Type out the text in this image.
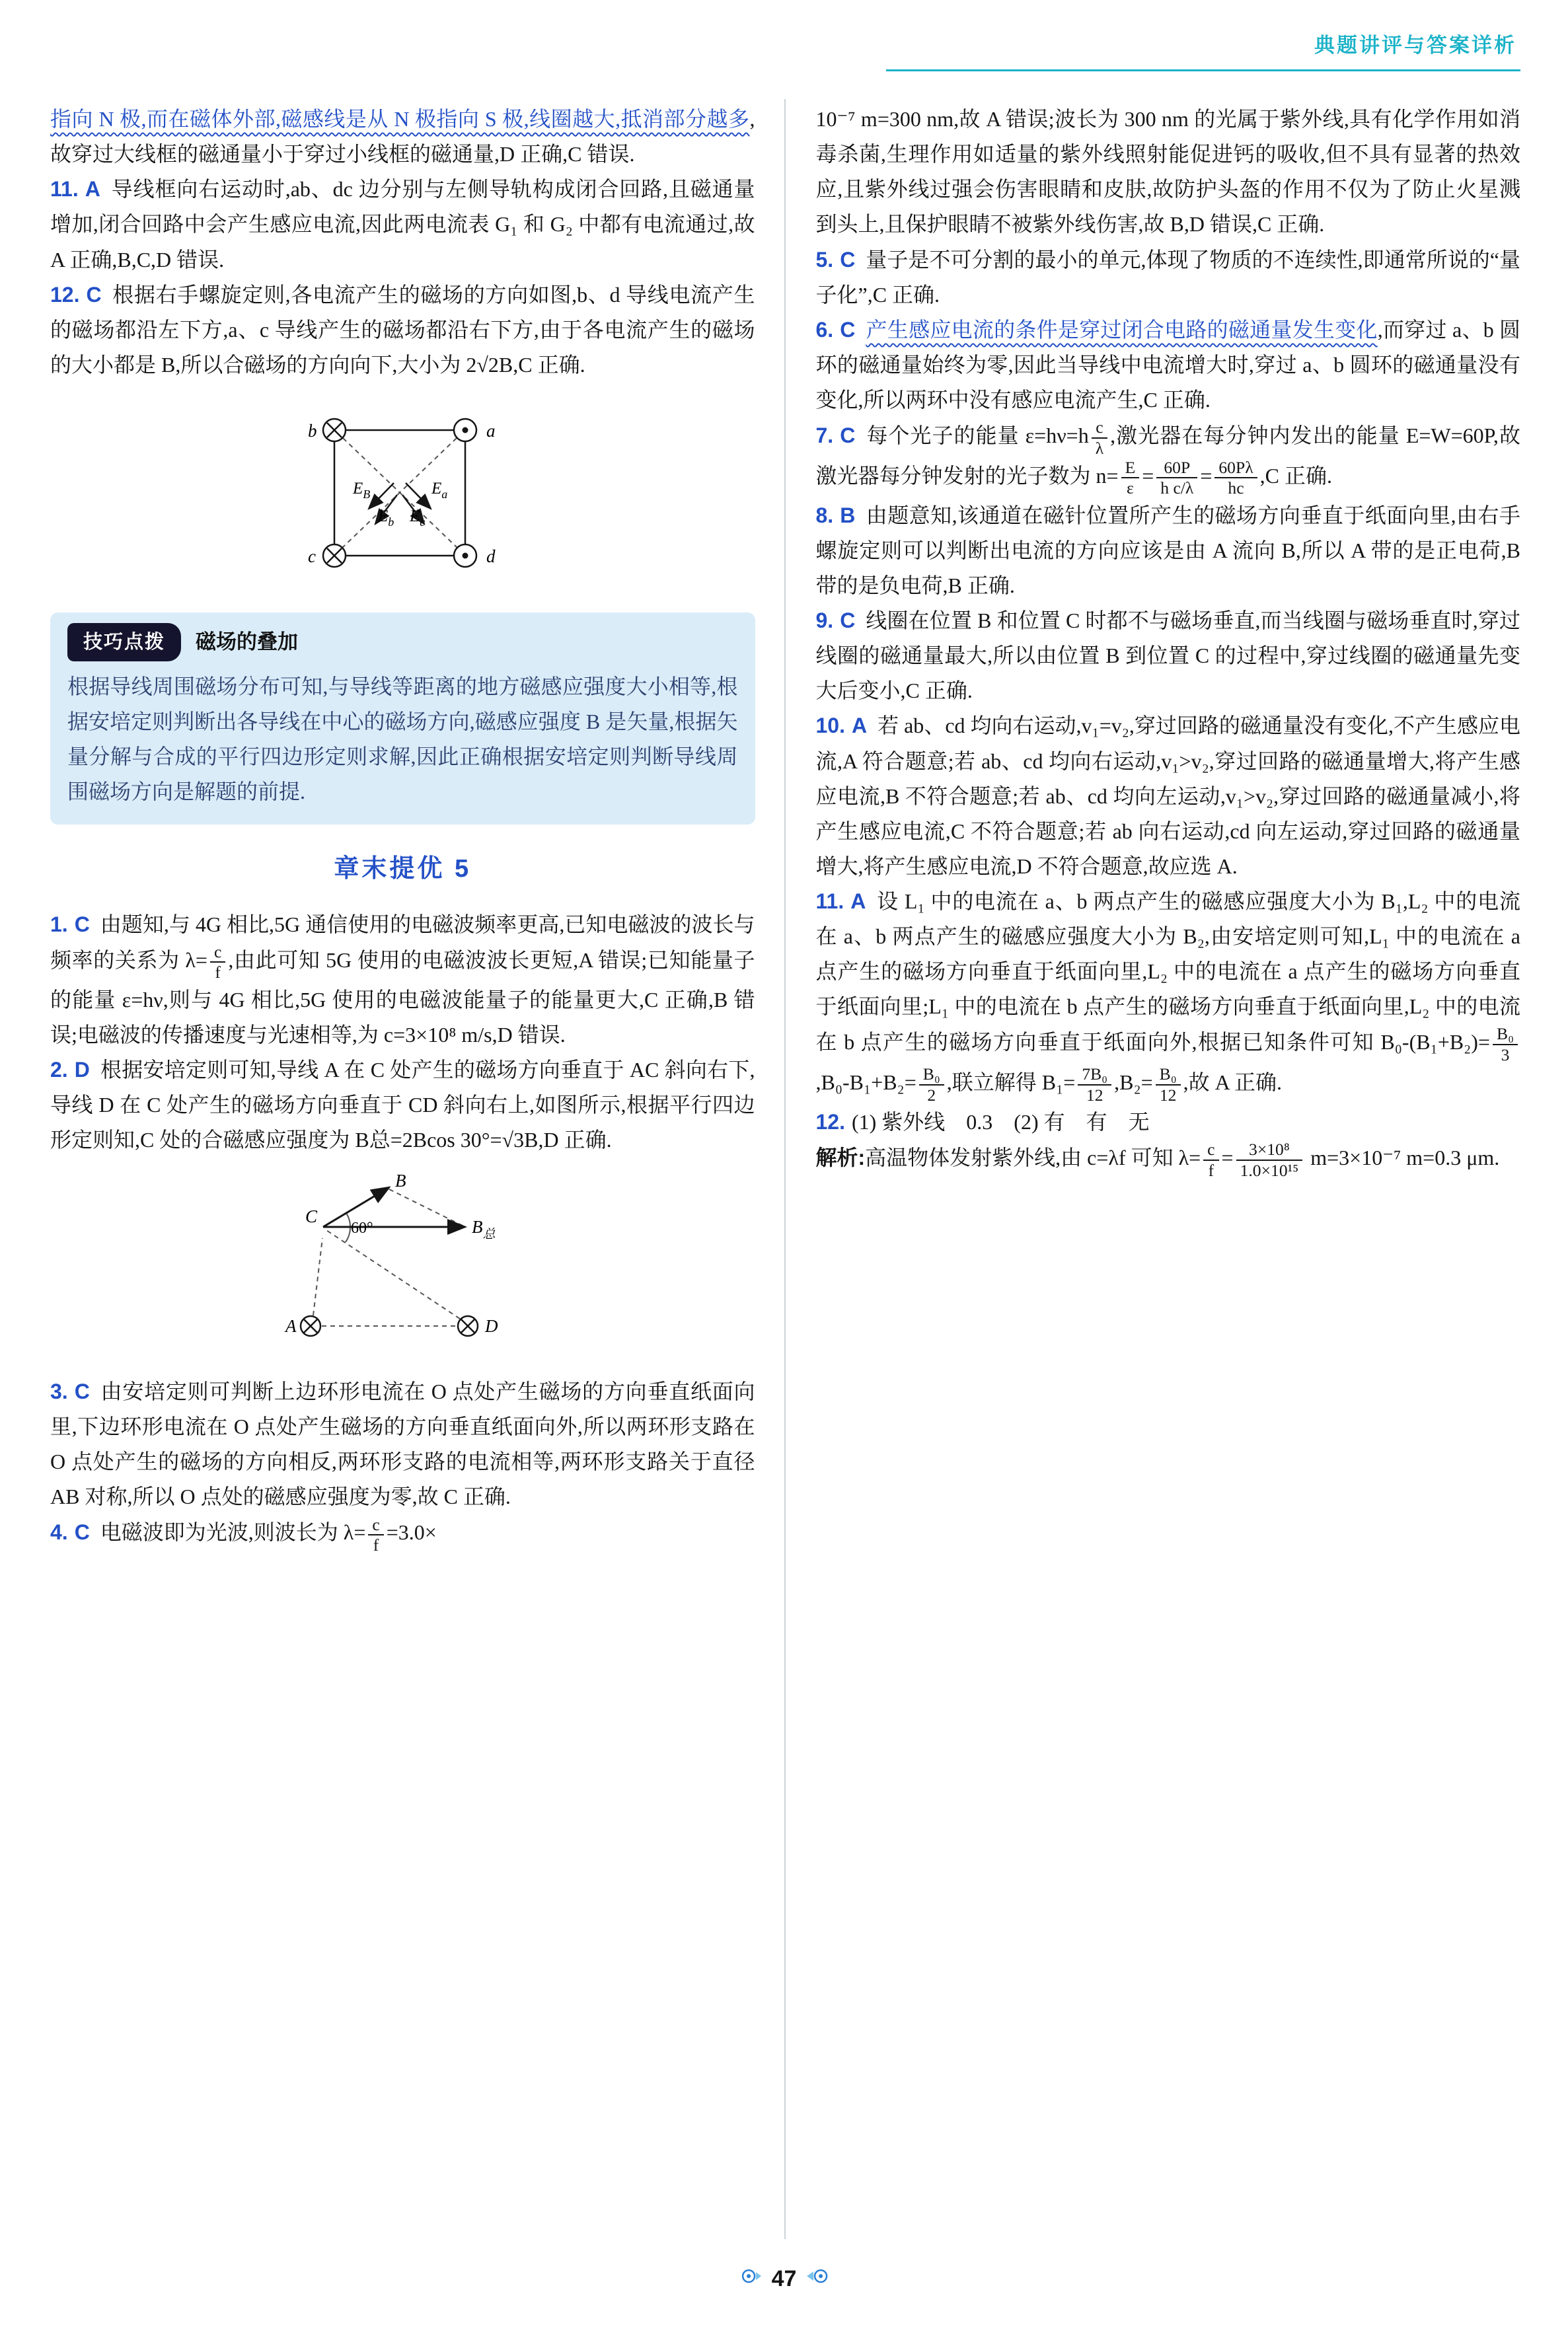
典题讲评与答案详析

指向 N 极,而在磁体外部,磁感线是从 N 极指向 S 极,线圈越大,抵消部分越多,故穿过大线框的磁通量小于穿过小线框的磁通量,D 正确,C 错误.

11. A 导线框向右运动时,ab、dc 边分别与左侧导轨构成闭合回路,且磁通量增加,闭合回路中会产生感应电流,因此两电流表 G₁ 和 G₂ 中都有电流通过,故 A 正确,B,C,D 错误.

12. C 根据右手螺旋定则,各电流产生的磁场的方向如图,b、d 导线电流产生的磁场都沿左下方,a、c 导线产生的磁场都沿右下方,由于各电流产生的磁场的大小都是 B,所以合磁场的方向向下,大小为 2√2B,C 正确.

b	a
c	d
$E_B$	$E_a$
$E_b$ $E_c$
技巧点拨	磁场的叠加

根据导线周围磁场分布可知,与导线等距离的地方磁感应强度大小相等,根据安培定则判断出各导线在中心的磁场方向,磁感应强度 B 是矢量,根据矢量分解与合成的平行四边形定则求解,因此正确根据安培定则判断导线周围磁场方向是解题的前提.

章末提优 5

1. C 由题知,与 4G 相比,5G 通信使用的电磁波频率更高,已知电磁波的波长与频率的关系为 $\lambda= \frac{c}{f}$ ,由此可知 5G 使用的电磁波波长更短,A 错误;已知能量子的能量 ε=hν,则与 4G 相比,5G 使用的电磁波能量子的能量更大,C 正确,B 错误;电磁波的传播速度与光速相等,为 c=3×10⁸ m/s,D 错误.

2. D 根据安培定则可知,导线 A 在 C 处产生的磁场方向垂直于 AC 斜向右下,导线 D 在 C 处产生的磁场方向垂直于 CD 斜向右上,如图所示,根据平行四边形定则知,C 处的合磁感应强度为 B总=2Bcos 30°=√3B,D 正确.

C
B
$B_总$
60°
A	D

3. C 由安培定则可判断上边环形电流在 O 点处产生磁场的方向垂直纸面向里,下边环形电流在 O 点处产生磁场的方向垂直纸面向外,所以两环形支路在 O 点处产生的磁场的方向相反,两环形支路的电流相等,两环形支路关于直径 AB 对称,所以 O 点处的磁感应强度为零,故 C 正确.

4. C 电磁波即为光波,则波长为 $\lambda= \frac{c}{f} =3.0\times$

10⁻⁷ m=300 nm,故 A 错误;波长为 300 nm 的光属于紫外线,具有化学作用如消毒杀菌,生理作用如适量的紫外线照射能促进钙的吸收,但不具有显著的热效应,且紫外线过强会伤害眼睛和皮肤,故防护头盔的作用不仅为了防止火星溅到头上,且保护眼睛不被紫外线伤害,故 B,D 错误,C 正确.

5. C 量子是不可分割的最小的单元,体现了物质的不连续性,即通常所说的“量子化”,C 正确.

6. C 产生感应电流的条件是穿过闭合电路的磁通量发生变化,而穿过 a、b 圆环的磁通量始终为零,因此当导线中电流增大时,穿过 a、b 圆环的磁通量没有变化,所以两环中没有感应电流产生,C 正确.

7. C 每个光子的能量 $\varepsilon=h\nu=h \frac{c}{\lambda}$ ,激光器在每分钟内发出的能量 E=W=60P,故激光器每分钟发射的光子数为 $n= \frac{E}{\varepsilon} = \frac{60P}{\text{h c/λ}} = \frac{60P\lambda}{hc} ,C$ 正确.

8. B 由题意知,该通道在磁针位置所产生的磁场方向垂直于纸面向里,由右手螺旋定则可以判断出电流的方向应该是由 A 流向 B,所以 A 带的是正电荷,B 带的是负电荷,B 正确.

9. C 线圈在位置 B 和位置 C 时都不与磁场垂直,而当线圈与磁场垂直时,穿过线圈的磁通量最大,所以由位置 B 到位置 C 的过程中,穿过线圈的磁通量先变大后变小,C 正确.

10. A 若 ab、cd 均向右运动,v₁=v₂,穿过回路的磁通量没有变化,不产生感应电流,A 符合题意;若 ab、cd 均向右运动,v₁>v₂,穿过回路的磁通量增大,将产生感应电流,B 不符合题意;若 ab、cd 均向左运动,v₁>v₂,穿过回路的磁通量减小,将产生感应电流,C 不符合题意;若 ab 向右运动,cd 向左运动,穿过回路的磁通量增大,将产生感应电流,D 不符合题意,故应选 A.

11. A 设 L₁ 中的电流在 a、b 两点产生的磁感应强度大小为 B₁,L₂ 中的电流在 a、b 两点产生的磁感应强度大小为 B₂,由安培定则可知,L₁ 中的电流在 a 点产生的磁场方向垂直于纸面向里,L₂ 中的电流在 a 点产生的磁场方向垂直于纸面向里;L₁ 中的电流在 b 点产生的磁场方向垂直于纸面向里,L₂ 中的电流在 b 点产生的磁场方向垂直于纸面向外,根据已知条件可知 $B_0-(B_1+B_2)= \frac{\text{B₀}}{3}$
$,B_0-B_1+B_2= \frac{\text{B₀}}{2}$ ,联立解得 $B_1= \frac{\text{7B₀}}{12} ,B_2= \frac{\text{B₀}}{12}$ ,故 A 正确.

12. (1) 紫外线　0.3　(2) 有　有　无

解析:高温物体发射紫外线,由 c=λf 可知 $\lambda= \frac{c}{f} = \frac{\text{3×10⁸}}{\text{1.0×10¹⁵}} m=3\times 10^{-7}$ m=0.3 μm.

47
